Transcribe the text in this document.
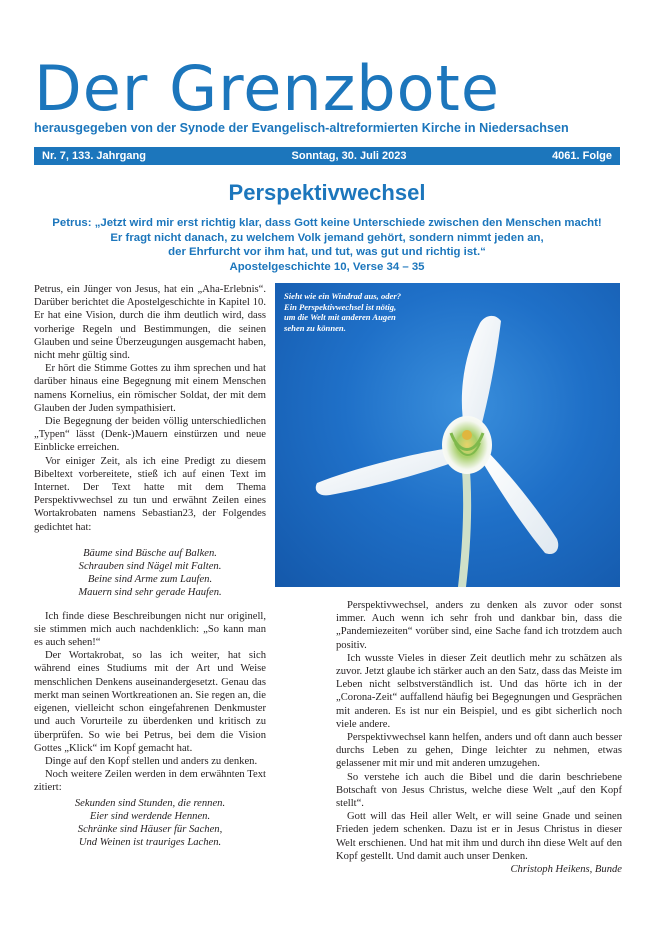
Der Grenzbote
herausgegeben von der Synode der Evangelisch-altreformierten Kirche in Niedersachsen
Nr. 7, 133. Jahrgang	Sonntag, 30. Juli 2023	4061. Folge
Perspektivwechsel
Petrus: „Jetzt wird mir erst richtig klar, dass Gott keine Unterschiede zwischen den Menschen macht!
Er fragt nicht danach, zu welchem Volk jemand gehört, sondern nimmt jeden an,
der Ehrfurcht vor ihm hat, und tut, was gut und richtig ist.“
Apostelgeschichte 10, Verse 34 – 35

Petrus, ein Jünger von Jesus, hat ein „Aha-Erlebnis“. Darüber berichtet die Apostelgeschichte in Kapitel 10. Er hat eine Vision, durch die ihm deutlich wird, dass vorherige Regeln und Bestimmungen, die seinen Glauben und seine Überzeugungen ausgemacht haben, nicht mehr gültig sind.

Er hört die Stimme Gottes zu ihm sprechen und hat darüber hinaus eine Begegnung mit einem Menschen namens Kornelius, ein römischer Soldat, der mit dem Glauben der Juden sympathisiert.

Die Begegnung der beiden völlig unterschiedlichen „Typen“ lässt (Denk-)Mauern einstürzen und neue Einblicke erreichen.

Vor einiger Zeit, als ich eine Predigt zu diesem Bibeltext vorbereitete, stieß ich auf einen Text im Internet. Der Text hatte mit dem Thema Perspektivwechsel zu tun und erwähnt Zeilen eines Wortakrobaten namens Sebastian23, der Folgendes gedichtet hat:

Bäume sind Büsche auf Balken.
Schrauben sind Nägel mit Falten.
Beine sind Arme zum Laufen.
Mauern sind sehr gerade Haufen.

Ich finde diese Beschreibungen nicht nur originell, sie stimmen mich auch nachdenklich: „So kann man es auch sehen!“

Der Wortakrobat, so las ich weiter, hat sich während eines Studiums mit der Art und Weise menschlichen Denkens auseinandergesetzt. Genau das merkt man seinen Wortkreationen an. Sie regen an, die eigenen, vielleicht schon eingefahrenen Denkmuster und auch Vorurteile zu überdenken und kritisch zu überprüfen. So wie bei Petrus, bei dem die Vision Gottes „Klick“ im Kopf gemacht hat.

Dinge auf den Kopf stellen und anders zu denken.

Noch weitere Zeilen werden in dem erwähnten Text zitiert:

Sekunden sind Stunden, die rennen.
Eier sind werdende Hennen.
Schränke sind Häuser für Sachen,
Und Weinen ist trauriges Lachen.
Sieht wie ein Windrad aus, oder?
Ein Perspektivwechsel ist nötig,
um die Welt mit anderen Augen
sehen zu können.

Perspektivwechsel, anders zu denken als zuvor oder sonst immer. Auch wenn ich sehr froh und dankbar bin, dass die „Pandemiezeiten“ vorüber sind, eine Sache fand ich trotzdem auch positiv.

Ich wusste Vieles in dieser Zeit deutlich mehr zu schätzen als zuvor. Jetzt glaube ich stärker auch an den Satz, dass das Meiste im Leben nicht selbstverständlich ist. Und das hörte ich in der „Corona-Zeit“ auffallend häufig bei Begegnungen und Gesprächen mit anderen. Es ist nur ein Beispiel, und es gibt sicherlich noch viele andere.

Perspektivwechsel kann helfen, anders und oft dann auch besser durchs Leben zu gehen, Dinge leichter zu nehmen, etwas gelassener mit mir und mit anderen umzugehen.

So verstehe ich auch die Bibel und die darin beschriebene Botschaft von Jesus Christus, welche diese Welt „auf den Kopf stellt“.

Gott will das Heil aller Welt, er will seine Gnade und seinen Frieden jedem schenken. Dazu ist er in Jesus Christus in dieser Welt erschienen. Und hat mit ihm und durch ihn diese Welt auf den Kopf gestellt. Und damit auch unser Denken.

Christoph Heikens, Bunde
